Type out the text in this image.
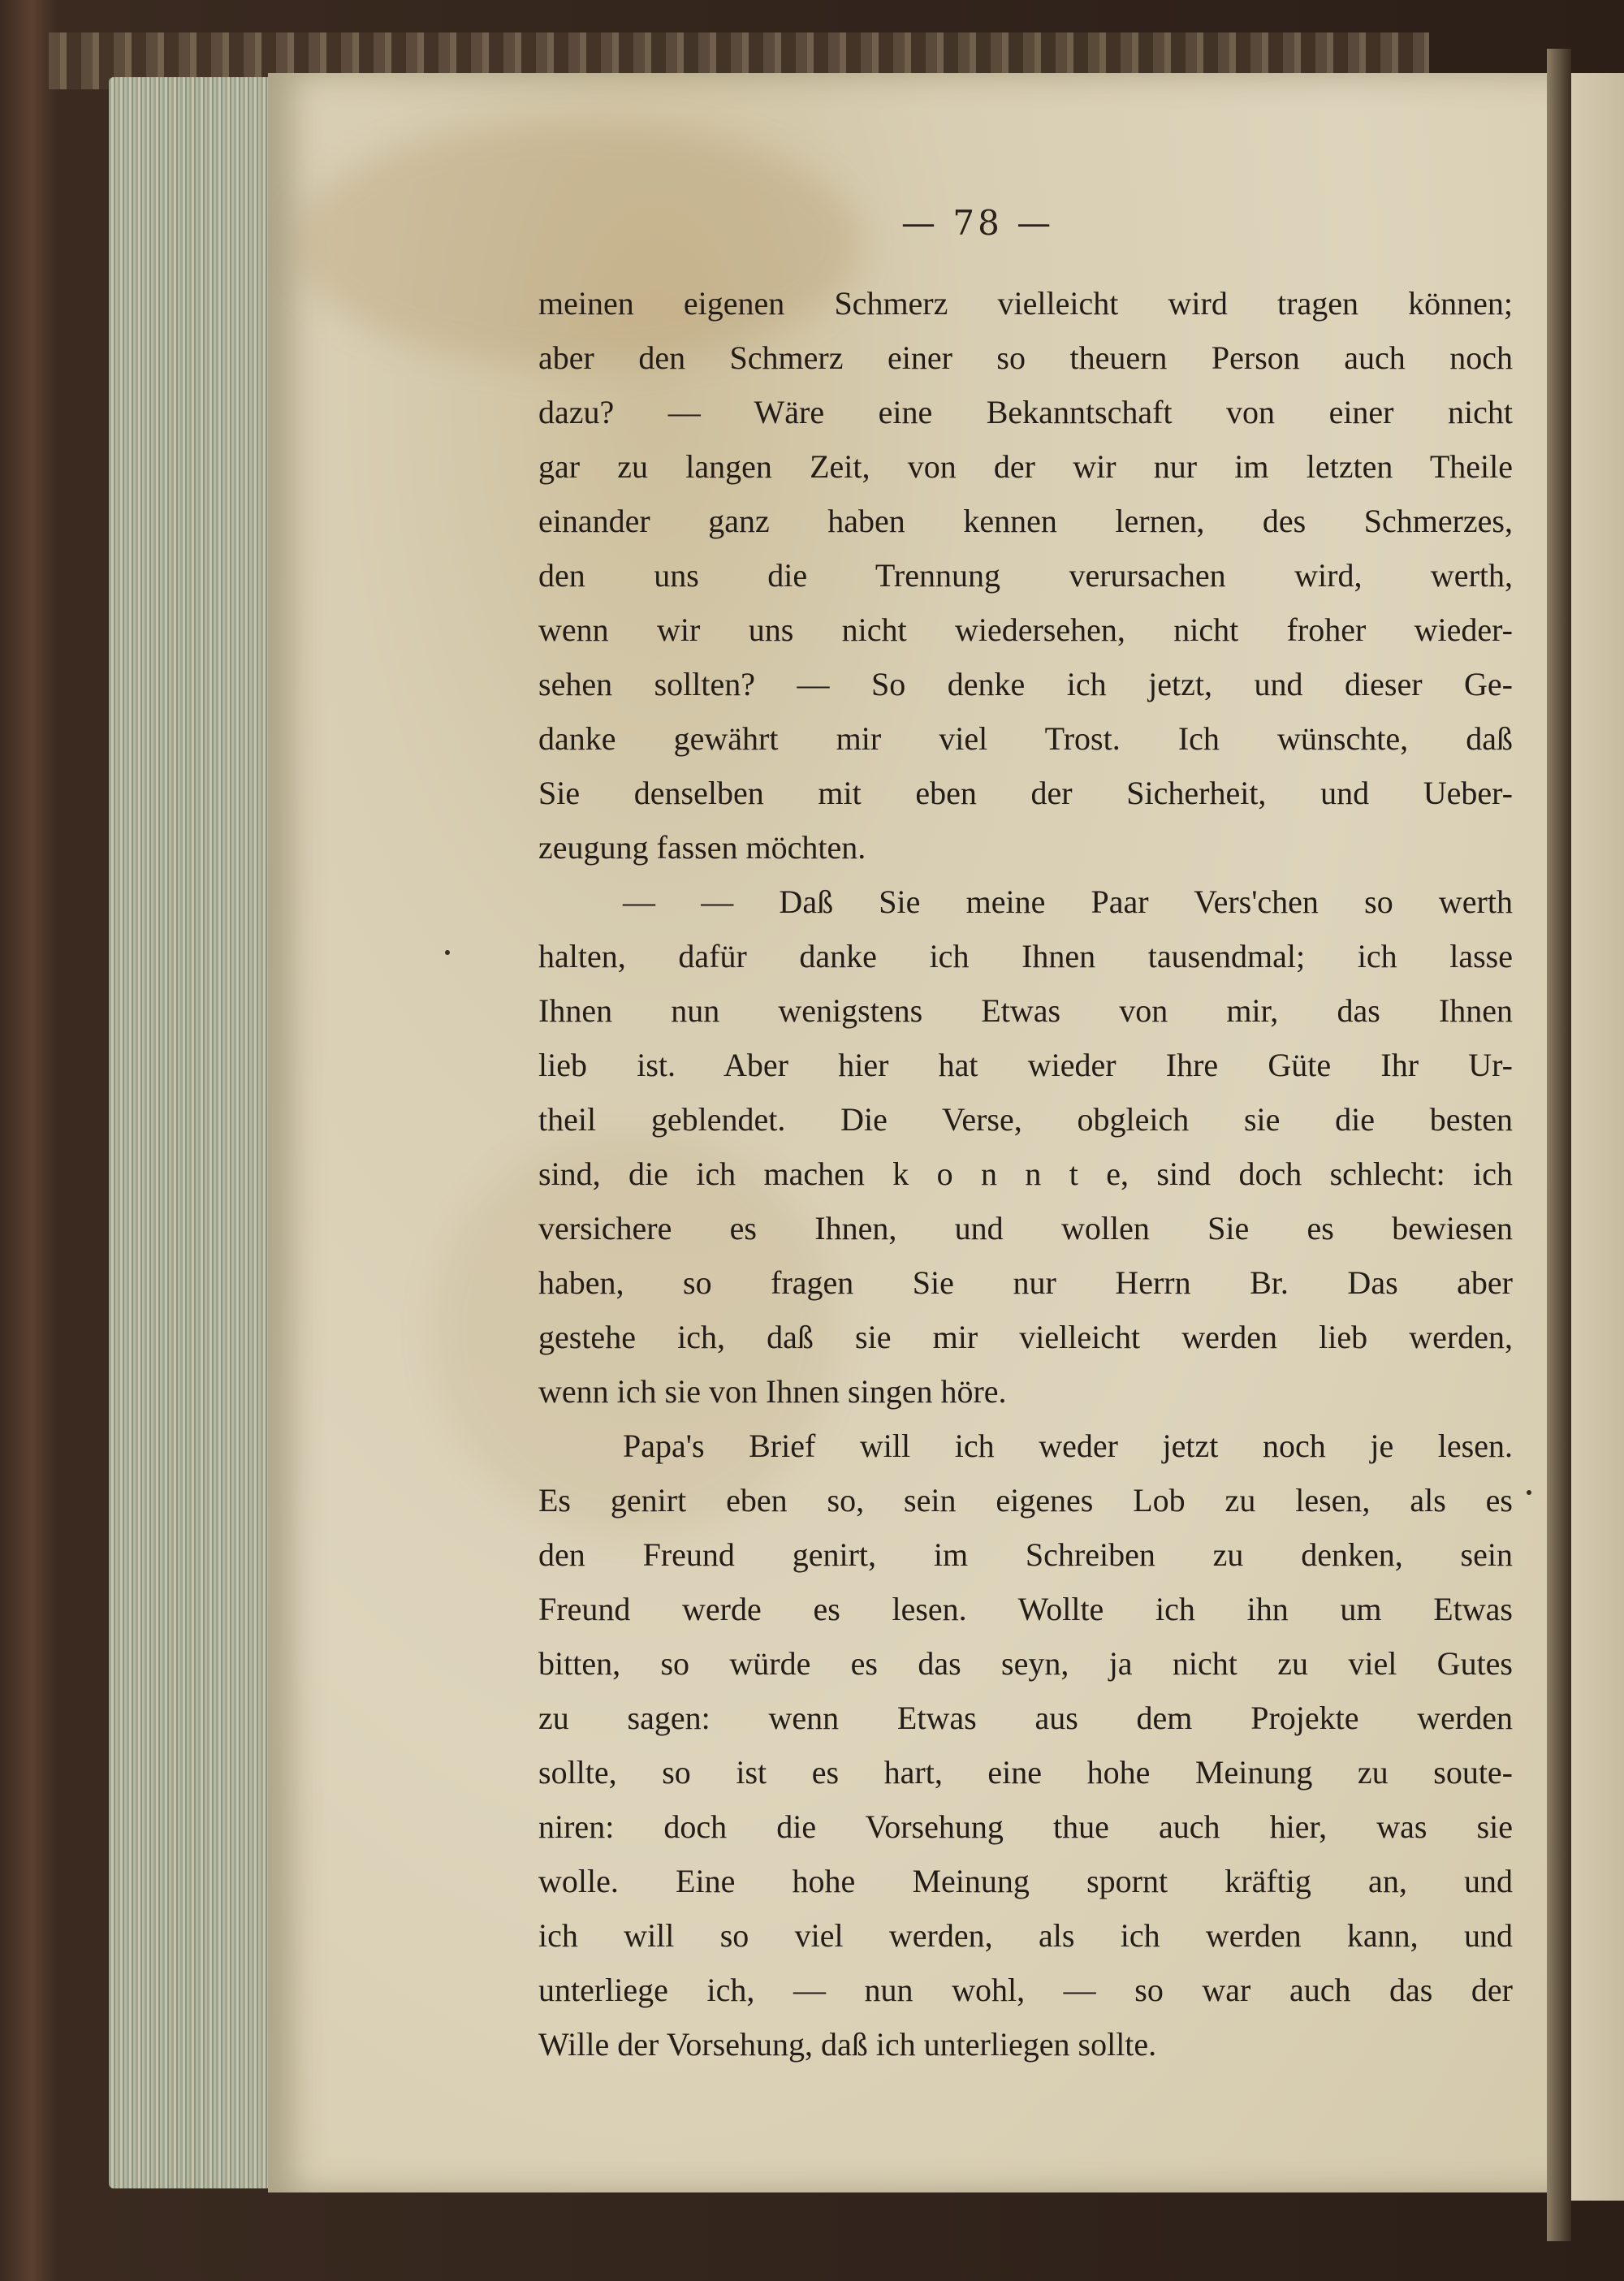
— 78 —
meinen eigenen Schmerz vielleicht wird tragen können;
aber den Schmerz einer so theuern Person auch noch
dazu? — Wäre eine Bekanntschaft von einer nicht
gar zu langen Zeit, von der wir nur im letzten Theile
einander ganz haben kennen lernen, des Schmerzes,
den uns die Trennung verursachen wird, werth,
wenn wir uns nicht wiedersehen, nicht froher wieder-
sehen sollten? — So denke ich jetzt, und dieser Ge-
danke gewährt mir viel Trost. Ich wünschte, daß
Sie denselben mit eben der Sicherheit, und Ueber-
zeugung fassen möchten.
— — Daß Sie meine Paar Vers'chen so werth
halten, dafür danke ich Ihnen tausendmal; ich lasse
Ihnen nun wenigstens Etwas von mir, das Ihnen
lieb ist. Aber hier hat wieder Ihre Güte Ihr Ur-
theil geblendet. Die Verse, obgleich sie die besten
sind, die ich machen k o n n t e, sind doch schlecht: ich
versichere es Ihnen, und wollen Sie es bewiesen
haben, so fragen Sie nur Herrn Br. Das aber
gestehe ich, daß sie mir vielleicht werden lieb werden,
wenn ich sie von Ihnen singen höre.
Papa's Brief will ich weder jetzt noch je lesen.
Es genirt eben so, sein eigenes Lob zu lesen, als es
den Freund genirt, im Schreiben zu denken, sein
Freund werde es lesen. Wollte ich ihn um Etwas
bitten, so würde es das seyn, ja nicht zu viel Gutes
zu sagen: wenn Etwas aus dem Projekte werden
sollte, so ist es hart, eine hohe Meinung zu soute-
niren: doch die Vorsehung thue auch hier, was sie
wolle. Eine hohe Meinung spornt kräftig an, und
ich will so viel werden, als ich werden kann, und
unterliege ich, — nun wohl, — so war auch das der
Wille der Vorsehung, daß ich unterliegen sollte.
